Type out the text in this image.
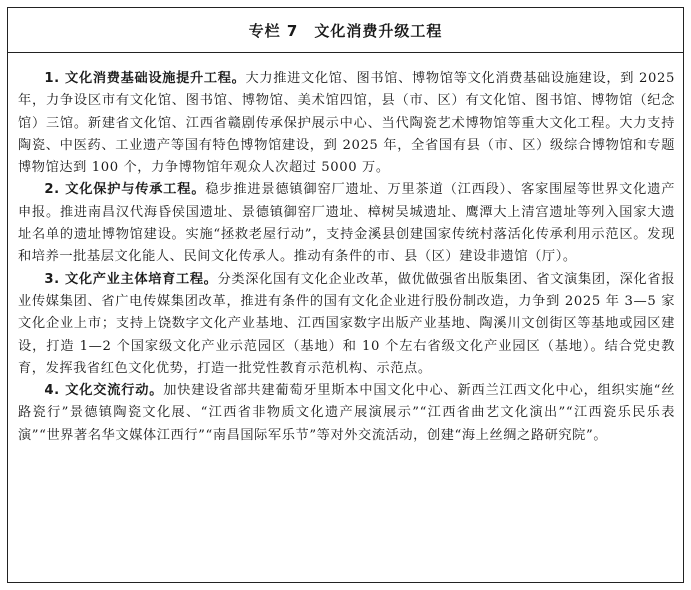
专栏 7 文化消费升级工程

1. 文化消费基础设施提升工程。大力推进文化馆、图书馆、博物馆等文化消费基础设施建设，到 2025 年，力争设区市有文化馆、图书馆、博物馆、美术馆四馆，县（市、区）有文化馆、图书馆、博物馆（纪念馆）三馆。新建省文化馆、江西省赣剧传承保护展示中心、当代陶瓷艺术博物馆等重大文化工程。大力支持陶瓷、中医药、工业遗产等国有特色博物馆建设，到 2025 年，全省国有县（市、区）级综合博物馆和专题博物馆达到 100 个，力争博物馆年观众人次超过 5000 万。

2. 文化保护与传承工程。稳步推进景德镇御窑厂遗址、万里茶道（江西段）、客家围屋等世界文化遗产申报。推进南昌汉代海昏侯国遗址、景德镇御窑厂遗址、樟树吴城遗址、鹰潭大上清宫遗址等列入国家大遗址名单的遗址博物馆建设。实施“拯救老屋行动”，支持金溪县创建国家传统村落活化传承利用示范区。发现和培养一批基层文化能人、民间文化传承人。推动有条件的市、县（区）建设非遗馆（厅）。

3. 文化产业主体培育工程。分类深化国有文化企业改革，做优做强省出版集团、省文演集团，深化省报业传媒集团、省广电传媒集团改革，推进有条件的国有文化企业进行股份制改造，力争到 2025 年 3—5 家文化企业上市；支持上饶数字文化产业基地、江西国家数字出版产业基地、陶溪川文创街区等基地或园区建设，打造 1—2 个国家级文化产业示范园区（基地）和 10 个左右省级文化产业园区（基地）。结合党史教育，发挥我省红色文化优势，打造一批党性教育示范机构、示范点。

4. 文化交流行动。加快建设省部共建葡萄牙里斯本中国文化中心、新西兰江西文化中心，组织实施“丝路瓷行”景德镇陶瓷文化展、“江西省非物质文化遗产展演展示”“江西省曲艺文化演出”“江西瓷乐民乐表演”“世界著名华文媒体江西行”“南昌国际军乐节”等对外交流活动，创建“海上丝绸之路研究院”。
